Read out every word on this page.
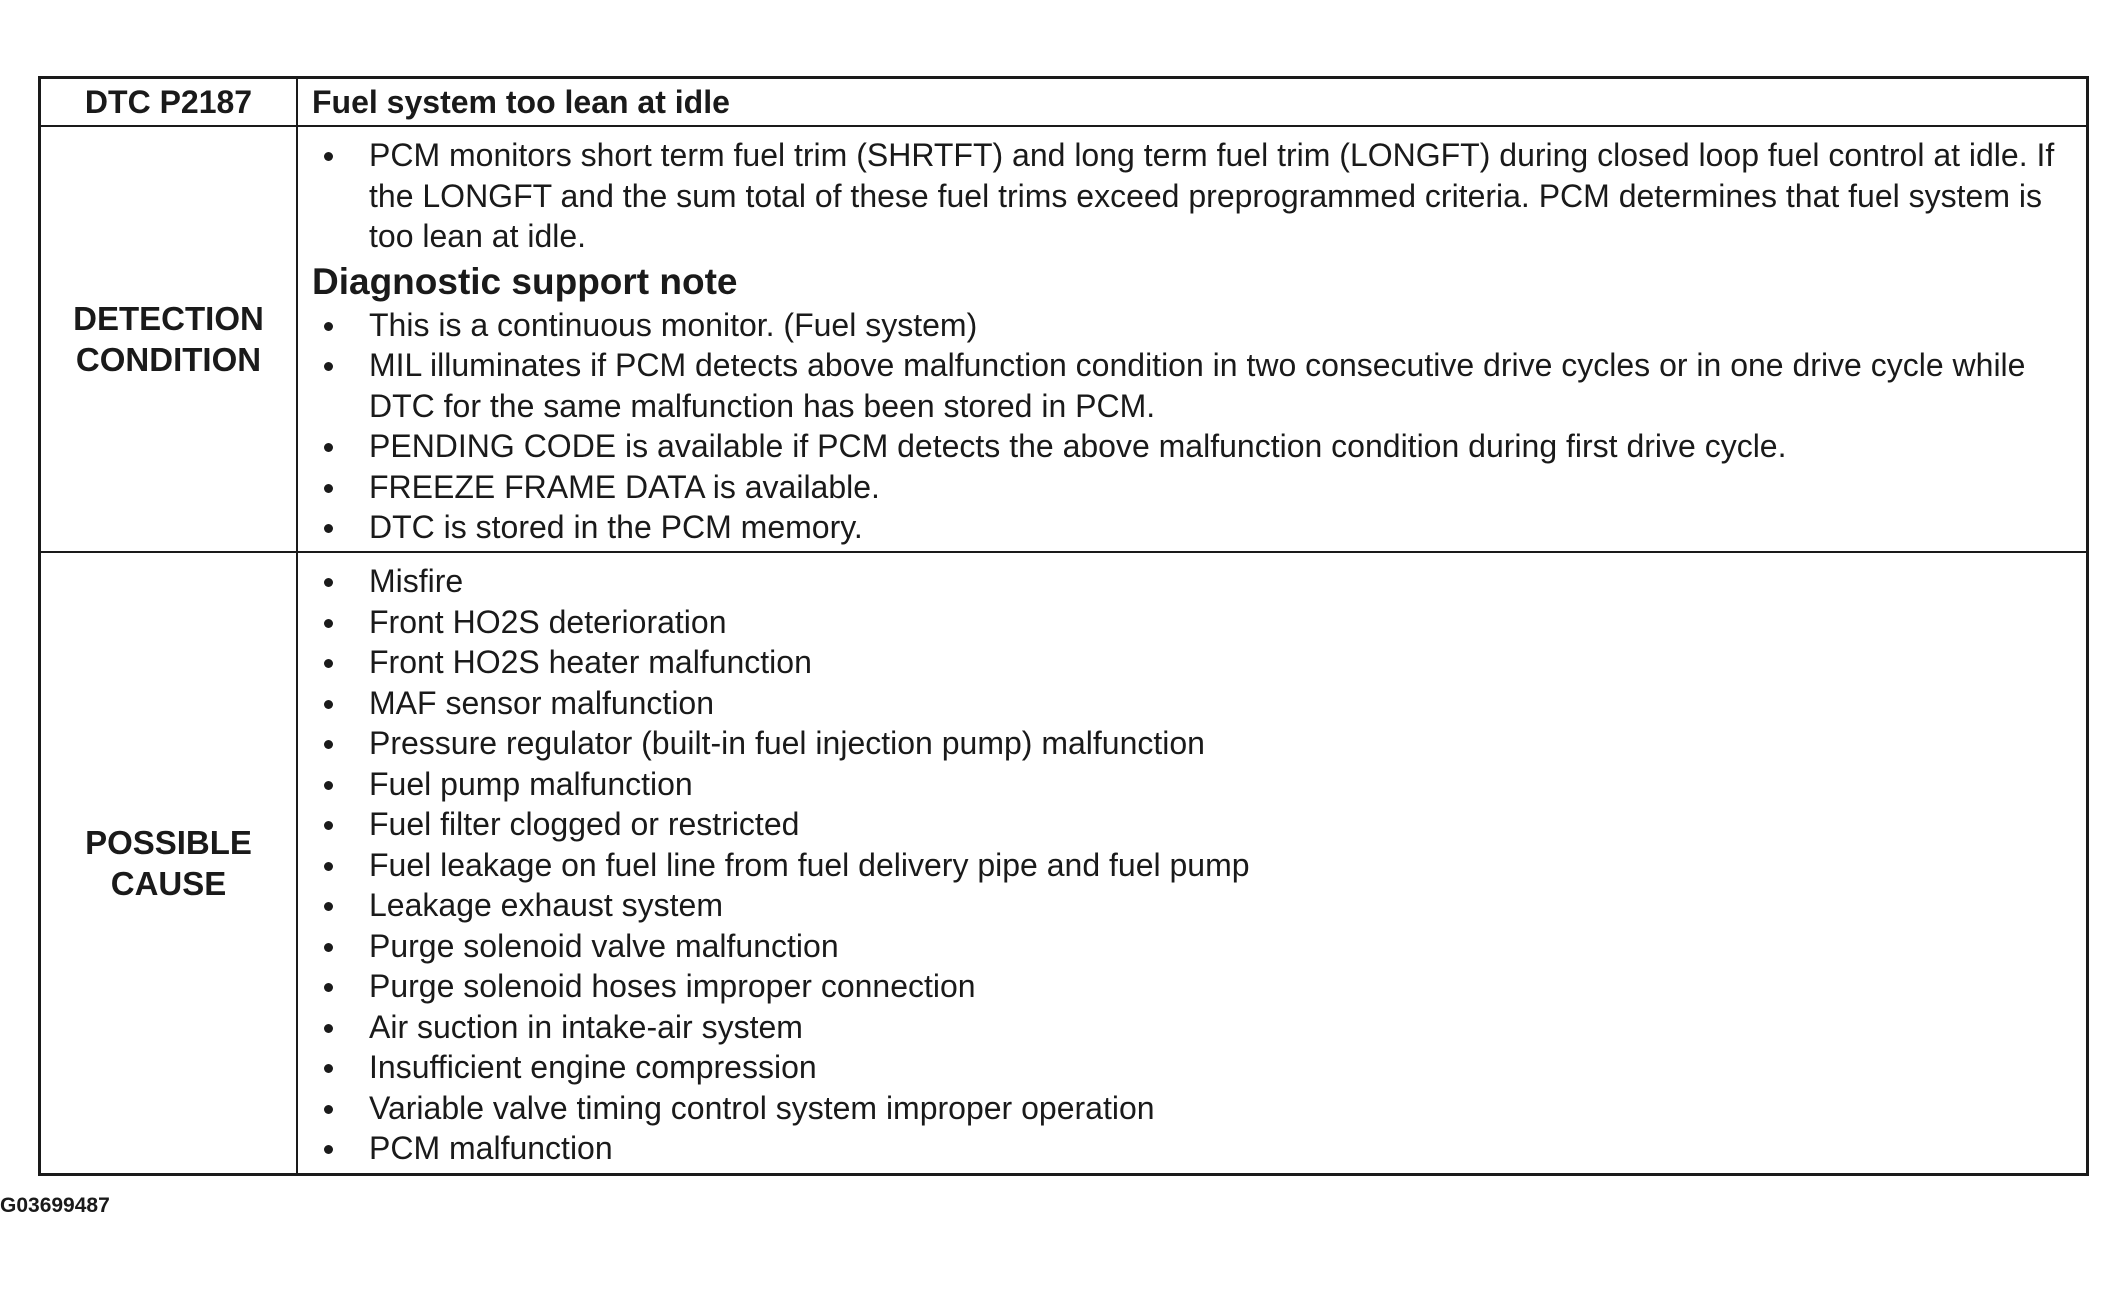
DTC P2187	Fuel system too lean at idle
DETECTION
CONDITION
PCM monitors short term fuel trim (SHRTFT) and long term fuel trim (LONGFT) during closed loop fuel control at idle. If the LONGFT and the sum total of these fuel trims exceed preprogrammed criteria. PCM determines that fuel system is too lean at idle.
Diagnostic support note
This is a continuous monitor. (Fuel system)
MIL illuminates if PCM detects above malfunction condition in two consecutive drive cycles or in one drive cycle while DTC for the same malfunction has been stored in PCM.
PENDING CODE is available if PCM detects the above malfunction condition during first drive cycle.
FREEZE FRAME DATA is available.
DTC is stored in the PCM memory.
POSSIBLE
CAUSE
Misfire
Front HO2S deterioration
Front HO2S heater malfunction
MAF sensor malfunction
Pressure regulator (built-in fuel injection pump) malfunction
Fuel pump malfunction
Fuel filter clogged or restricted
Fuel leakage on fuel line from fuel delivery pipe and fuel pump
Leakage exhaust system
Purge solenoid valve malfunction
Purge solenoid hoses improper connection
Air suction in intake-air system
Insufficient engine compression
Variable valve timing control system improper operation
PCM malfunction
G03699487
